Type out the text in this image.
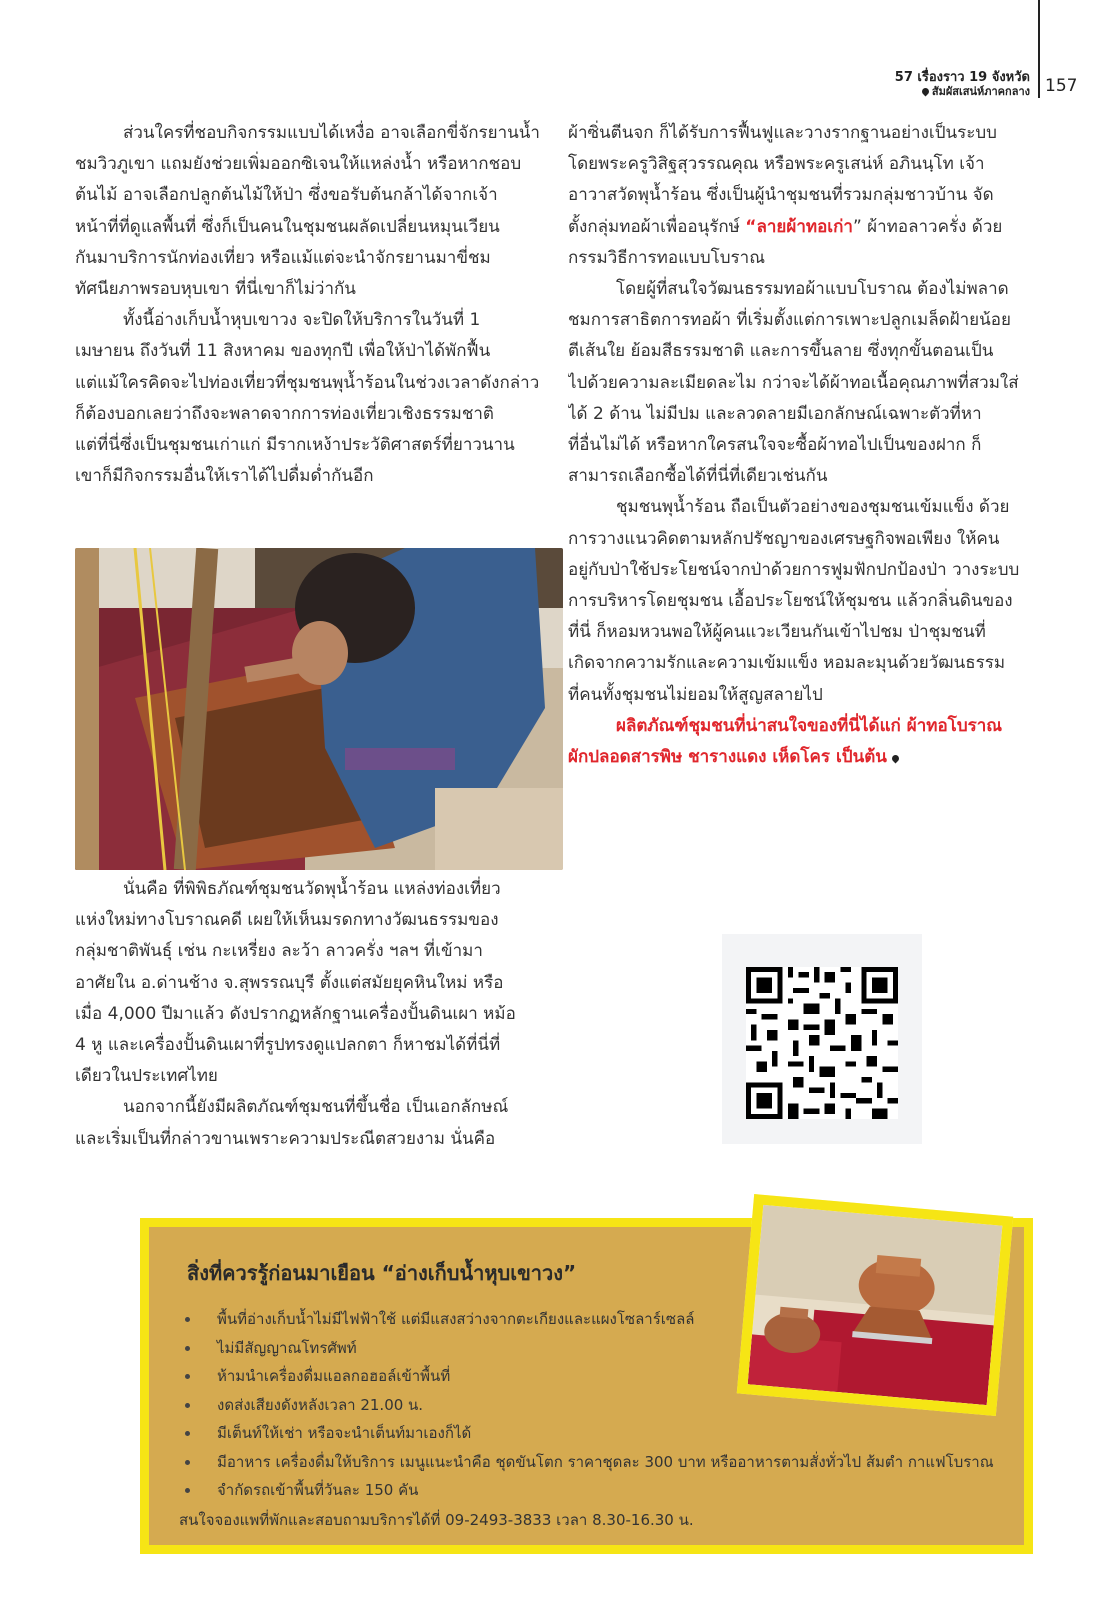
57 เรื่องราว 19 จังหวัด
สัมผัสเสน่ห์ภาคกลาง 157
ส่วนใครที่ชอบกิจกรรมแบบได้เหงื่อ อาจเลือกขี่จักรยานน้ำ
ชมวิวภูเขา แถมยังช่วยเพิ่มออกซิเจนให้แหล่งน้ำ หรือหากชอบ
ต้นไม้ อาจเลือกปลูกต้นไม้ให้ป่า ซึ่งขอรับต้นกล้าได้จากเจ้า
หน้าที่ที่ดูแลพื้นที่ ซึ่งก็เป็นคนในชุมชนผลัดเปลี่ยนหมุนเวียน
กันมาบริการนักท่องเที่ยว หรือแม้แต่จะนำจักรยานมาขี่ชม
ทัศนียภาพรอบหุบเขา ที่นี่เขาก็ไม่ว่ากัน
ทั้งนี้อ่างเก็บน้ำหุบเขาวง จะปิดให้บริการในวันที่ 1
เมษายน ถึงวันที่ 11 สิงหาคม ของทุกปี เพื่อให้ป่าได้พักฟื้น
แต่แม้ใครคิดจะไปท่องเที่ยวที่ชุมชนพุน้ำร้อนในช่วงเวลาดังกล่าว
ก็ต้องบอกเลยว่าถึงจะพลาดจากการท่องเที่ยวเชิงธรรมชาติ
แต่ที่นี่ซึ่งเป็นชุมชนเก่าแก่ มีรากเหง้าประวัติศาสตร์ที่ยาวนาน
เขาก็มีกิจกรรมอื่นให้เราได้ไปดื่มด่ำกันอีก
นั่นคือ ที่พิพิธภัณฑ์ชุมชนวัดพุน้ำร้อน แหล่งท่องเที่ยว
แห่งใหม่ทางโบราณคดี เผยให้เห็นมรดกทางวัฒนธรรมของ
กลุ่มชาติพันธุ์ เช่น กะเหรี่ยง ละว้า ลาวครั่ง ฯลฯ ที่เข้ามา
อาศัยใน อ.ด่านช้าง จ.สุพรรณบุรี ตั้งแต่สมัยยุคหินใหม่ หรือ
เมื่อ 4,000 ปีมาแล้ว ดังปรากฏหลักฐานเครื่องปั้นดินเผา หม้อ
4 หู และเครื่องปั้นดินเผาที่รูปทรงดูแปลกตา ก็หาชมได้ที่นี่ที่
เดียวในประเทศไทย
นอกจากนี้ยังมีผลิตภัณฑ์ชุมชนที่ขึ้นชื่อ เป็นเอกลักษณ์
และเริ่มเป็นที่กล่าวขานเพราะความประณีตสวยงาม นั่นคือ
ผ้าซิ่นตีนจก ก็ได้รับการฟื้นฟูและวางรากฐานอย่างเป็นระบบ
โดยพระครูวิสิฐสุวรรณคุณ หรือพระครูเสน่ห์ อภินนฺโท เจ้า
อาวาสวัดพุน้ำร้อน ซึ่งเป็นผู้นำชุมชนที่รวมกลุ่มชาวบ้าน จัด
ตั้งกลุ่มทอผ้าเพื่ออนุรักษ์ “ลายผ้าทอเก่า” ผ้าทอลาวครั่ง ด้วย
กรรมวิธีการทอแบบโบราณ
โดยผู้ที่สนใจวัฒนธรรมทอผ้าแบบโบราณ ต้องไม่พลาด
ชมการสาธิตการทอผ้า ที่เริ่มตั้งแต่การเพาะปลูกเมล็ดฝ้ายน้อย
ตีเส้นใย ย้อมสีธรรมชาติ และการขึ้นลาย ซึ่งทุกขั้นตอนเป็น
ไปด้วยความละเมียดละไม กว่าจะได้ผ้าทอเนื้อคุณภาพที่สวมใส่
ได้ 2 ด้าน ไม่มีปม และลวดลายมีเอกลักษณ์เฉพาะตัวที่หา
ที่อื่นไม่ได้ หรือหากใครสนใจจะซื้อผ้าทอไปเป็นของฝาก ก็
สามารถเลือกซื้อได้ที่นี่ที่เดียวเช่นกัน
ชุมชนพุน้ำร้อน ถือเป็นตัวอย่างของชุมชนเข้มแข็ง ด้วย
การวางแนวคิดตามหลักปรัชญาของเศรษฐกิจพอเพียง ให้คน
อยู่กับป่าใช้ประโยชน์จากป่าด้วยการฟูมฟักปกป้องป่า วางระบบ
การบริหารโดยชุมชน เอื้อประโยชน์ให้ชุมชน แล้วกลิ่นดินของ
ที่นี่ ก็หอมหวนพอให้ผู้คนแวะเวียนกันเข้าไปชม ป่าชุมชนที่
เกิดจากความรักและความเข้มแข็ง หอมละมุนด้วยวัฒนธรรม
ที่คนทั้งชุมชนไม่ยอมให้สูญสลายไป
ผลิตภัณฑ์ชุมชนที่น่าสนใจของที่นี่ได้แก่ ผ้าทอโบราณ
ผักปลอดสารพิษ ชารางแดง เห็ดโคร เป็นต้น
สิ่งที่ควรรู้ก่อนมาเยือน “อ่างเก็บน้ำหุบเขาวง”
พื้นที่อ่างเก็บน้ำไม่มีไฟฟ้าใช้ แต่มีแสงสว่างจากตะเกียงและแผงโซลาร์เซลล์
ไม่มีสัญญาณโทรศัพท์
ห้ามนำเครื่องดื่มแอลกอฮอล์เข้าพื้นที่
งดส่งเสียงดังหลังเวลา 21.00 น.
มีเต็นท์ให้เช่า หรือจะนำเต็นท์มาเองก็ได้
มีอาหาร เครื่องดื่มให้บริการ เมนูแนะนำคือ ชุดขันโตก ราคาชุดละ 300 บาท หรืออาหารตามสั่งทั่วไป ส้มตำ กาแฟโบราณ
จำกัดรถเข้าพื้นที่วันละ 150 คัน
สนใจจองแพที่พักและสอบถามบริการได้ที่ 09-2493-3833 เวลา 8.30-16.30 น.
